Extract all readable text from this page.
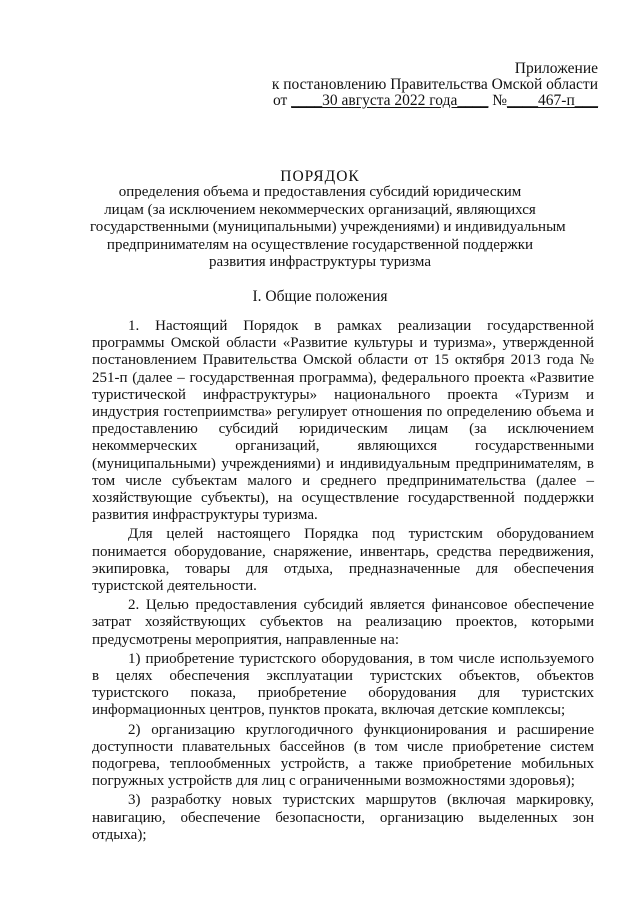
Приложение
к постановлению Правительства Омской области
от ____30 августа 2022 года____ №____467-п___
ПОРЯДОК
определения объема и предоставления субсидий юридическим
лицам (за исключением некоммерческих организаций, являющихся
государственными (муниципальными) учреждениями) и индивидуальным
предпринимателям на осуществление государственной поддержки
развития инфраструктуры туризма
I. Общие положения

1. Настоящий Порядок в рамках реализации государственной программы Омской области «Развитие культуры и туризма», утвержденной постановлением Правительства Омской области от 15 октября 2013 года № 251-п (далее – государственная программа), федерального проекта «Развитие туристической инфраструктуры» национального проекта «Туризм и индустрия гостеприимства» регулирует отношения по определению объема и предоставлению субсидий юридическим лицам (за исключением некоммерческих организаций, являющихся государственными (муниципальными) учреждениями) и индивидуальным предпринимателям, в том числе субъектам малого и среднего предпринимательства (далее – хозяйствующие субъекты), на осуществление государственной поддержки развития инфраструктуры туризма.

Для целей настоящего Порядка под туристским оборудованием понимается оборудование, снаряжение, инвентарь, средства передвижения, экипировка, товары для отдыха, предназначенные для обеспечения туристской деятельности.

2. Целью предоставления субсидий является финансовое обеспечение затрат хозяйствующих субъектов на реализацию проектов, которыми предусмотрены мероприятия, направленные на:

1) приобретение туристского оборудования, в том числе используемого в целях обеспечения эксплуатации туристских объектов, объектов туристского показа, приобретение оборудования для туристских информационных центров, пунктов проката, включая детские комплексы;

2) организацию круглогодичного функционирования и расширение доступности плавательных бассейнов (в том числе приобретение систем подогрева, теплообменных устройств, а также приобретение мобильных погружных устройств для лиц с ограниченными возможностями здоровья);

3) разработку новых туристских маршрутов (включая маркировку, навигацию, обеспечение безопасности, организацию выделенных зон отдыха);
